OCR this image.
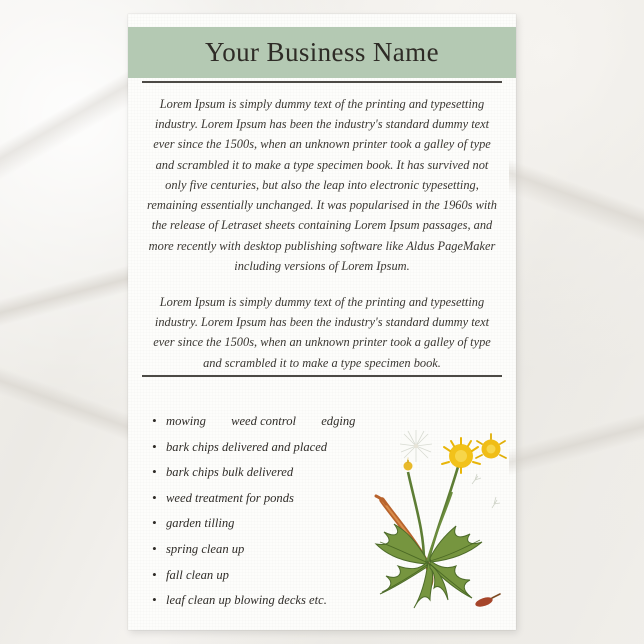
Your Business Name

Lorem Ipsum is simply dummy text of the printing and typesetting industry. Lorem Ipsum has been the industry's standard dummy text ever since the 1500s, when an unknown printer took a galley of type and scrambled it to make a type specimen book. It has survived not only five centuries, but also the leap into electronic typesetting, remaining essentially unchanged. It was popularised in the 1960s with the release of Letraset sheets containing Lorem Ipsum passages, and more recently with desktop publishing software like Aldus PageMaker including versions of Lorem Ipsum.

Lorem Ipsum is simply dummy text of the printing and typesetting industry. Lorem Ipsum has been the industry's standard dummy text ever since the 1500s, when an unknown printer took a galley of type and scrambled it to make a type specimen book.

• mowing  weed control  edging
• bark chips delivered and placed
• bark chips bulk delivered
• weed treatment for ponds
• garden tilling
• spring clean up
• fall clean up
• leaf clean up blowing decks etc.
